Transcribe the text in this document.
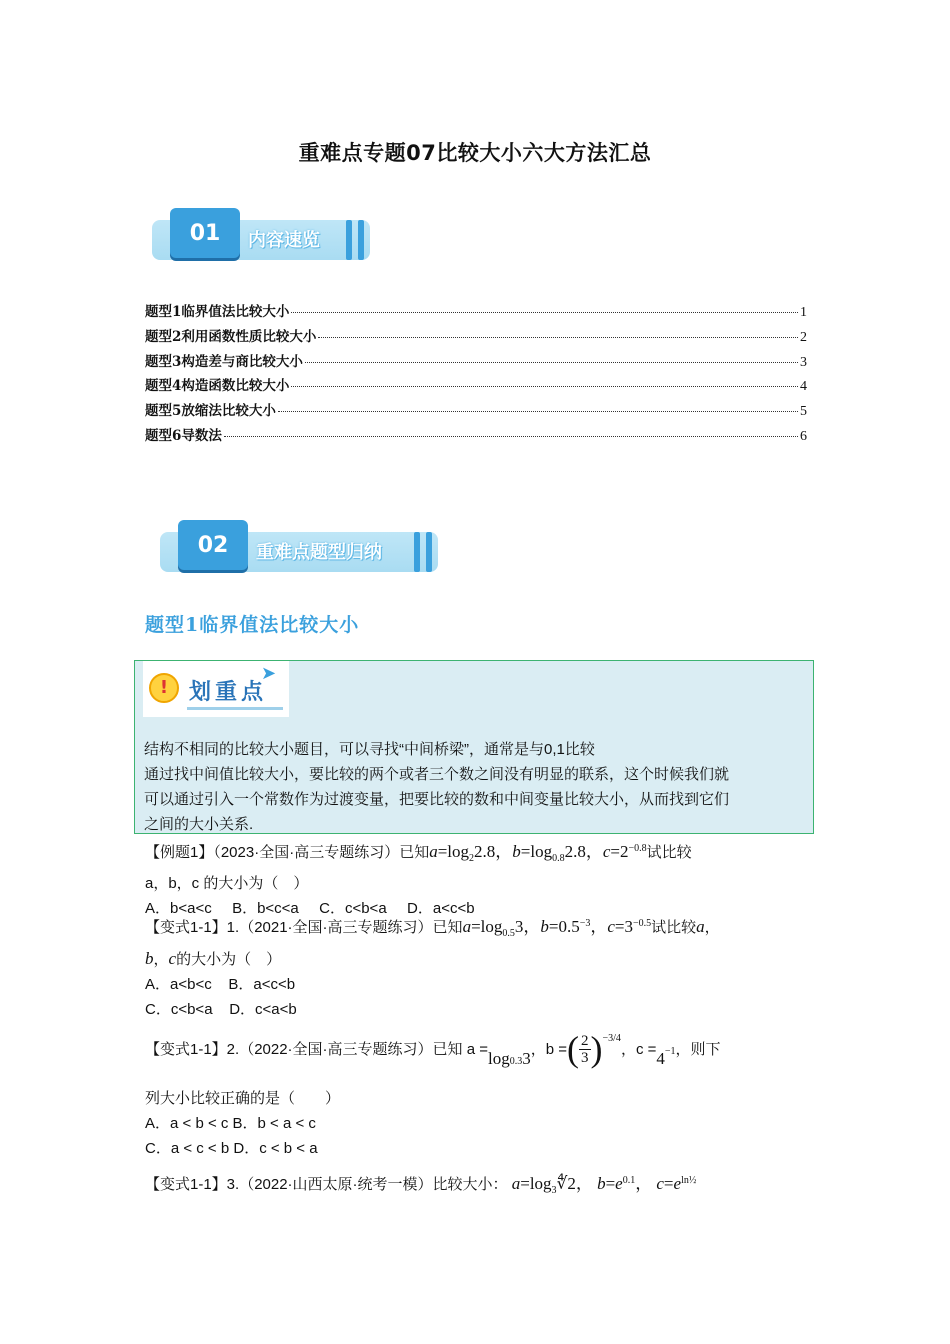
重难点专题07比较大小六大方法汇总
01	内容速览
题型1临界值法比较大小	1
题型2利用函数性质比较大小	2
题型3构造差与商比较大小	3
题型4构造函数比较大小	4
题型5放缩法比较大小	5
题型6导数法	6
02	重难点题型归纳
题型1临界值法比较大小
! 划重点
➤
结构不相同的比较大小题目，可以寻找“中间桥梁”，通常是与0,1比较
通过找中间值比较大小，要比较的两个或者三个数之间没有明显的联系，这个时候我们就
可以通过引入一个常数作为过渡变量，把要比较的数和中间变量比较大小，从而找到它们
之间的大小关系.
【例题1】（2023·全国·高三专题练习）已知$a=\log_22.8$，$b=\log_{0.8}2.8$，$c=2^{-0.8}$试比较
a，b，c 的大小为（　）
A．b<a<c B．b<c<a C．c<b<a D．a<c<b
【变式1-1】1.（2021·全国·高三专题练习）已知$a=\log_{0.5}3$，$b=0.5^{-3}$，$c=3^{-0.5}$试比较a，
b，c的大小为（　）
A．a<b<c B．a<c<b
C．c<b<a D．c<a<b
【变式1-1】2.（2022·全国·高三专题练习）已知 $a = \log_{0.3} 3$ ，b = ( $\frac{2}{3} )^{-3/4}$
，$c = 4^{-1}$ ，则下
列大小比较正确的是（　　）
A．a < b < c B．b < a < c
C．a < c < b D．c < b < a
【变式1-1】3.（2022·山西太原·统考一模）比较大小： $a=\log_3∜2$， $b=e^{0.1}$， $c=e^{ln\frac{1}{2}}$
